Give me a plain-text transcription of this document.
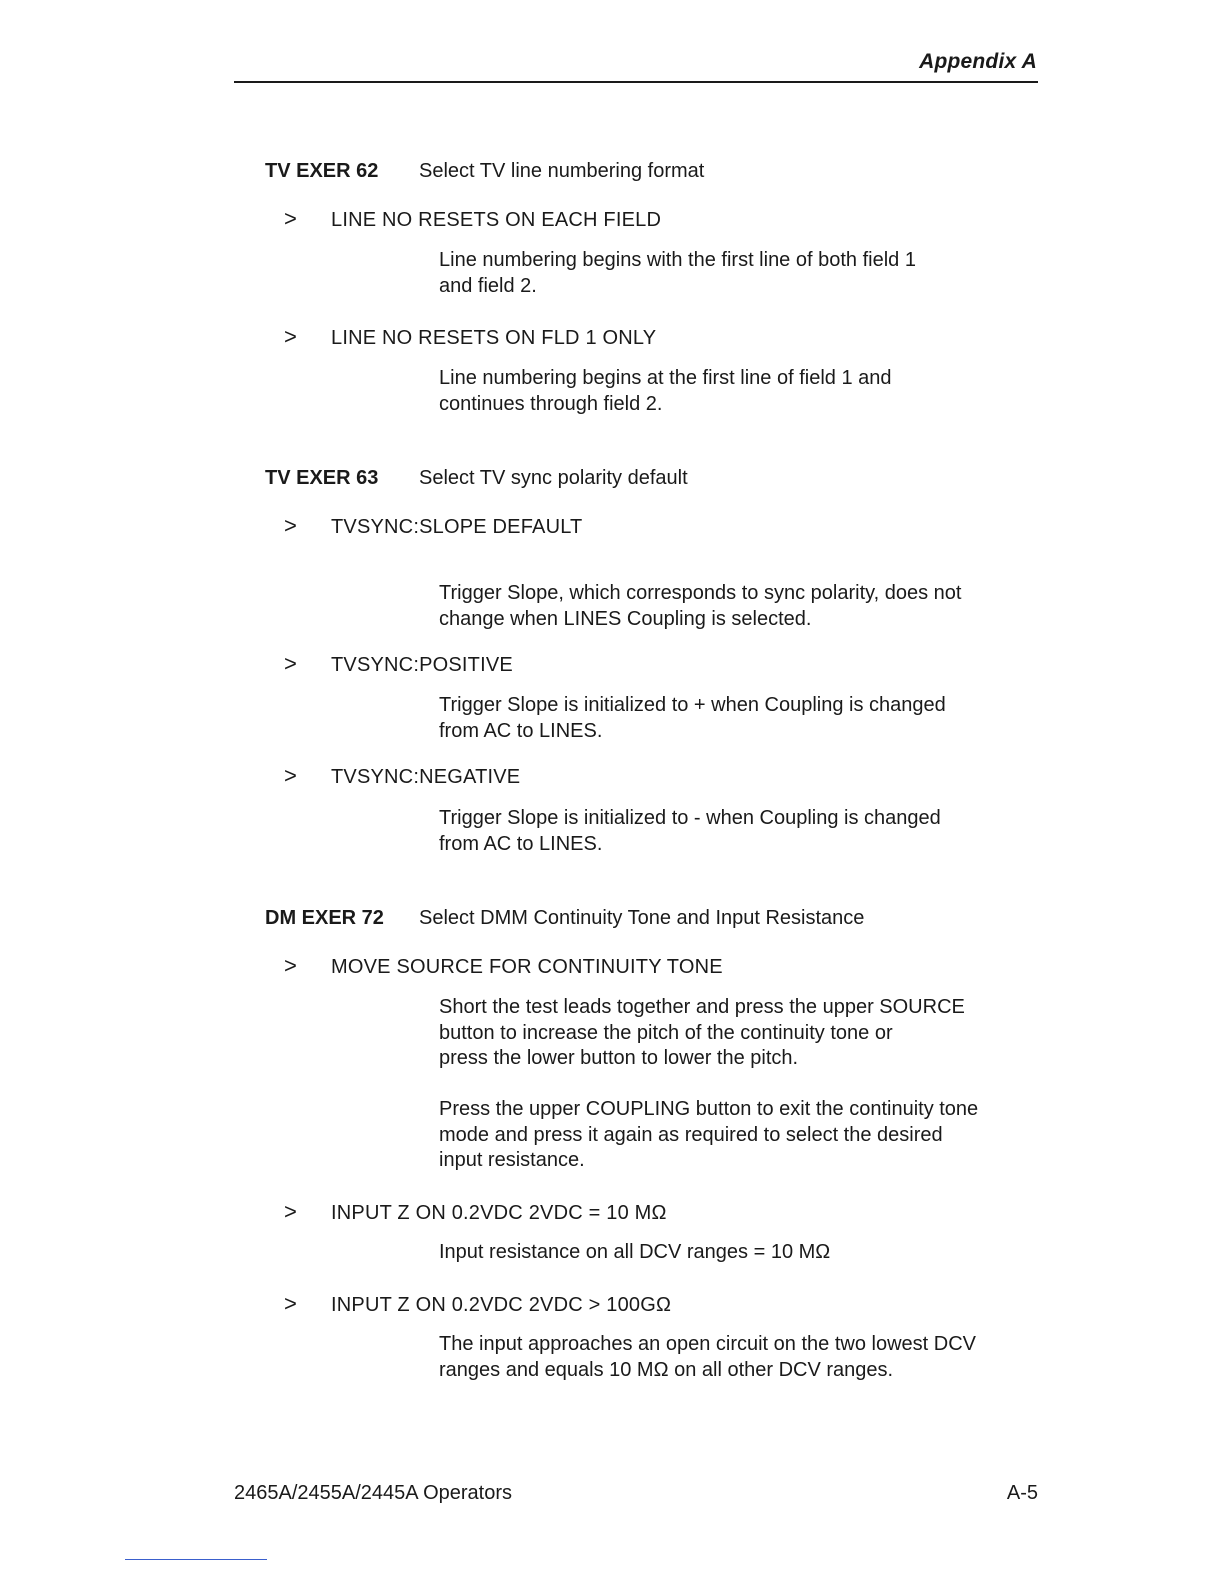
Appendix A
TV EXER 62	Select TV line numbering format
>	LINE NO RESETS ON EACH FIELD
Line numbering begins with the first line of both field 1
and field 2.
>	LINE NO RESETS ON FLD 1 ONLY
Line numbering begins at the first line of field 1 and
continues through field 2.
TV EXER 63	Select TV sync polarity default
>	TVSYNC:SLOPE DEFAULT
Trigger Slope, which corresponds to sync polarity, does not
change when LINES Coupling is selected.
>	TVSYNC:POSITIVE
Trigger Slope is initialized to + when Coupling is changed
from AC to LINES.
>	TVSYNC:NEGATIVE
Trigger Slope is initialized to - when Coupling is changed
from AC to LINES.
DM EXER 72	Select DMM Continuity Tone and Input Resistance
>	MOVE SOURCE FOR CONTINUITY TONE
Short the test leads together and press the upper SOURCE
button to increase the pitch of the continuity tone or
press the lower button to lower the pitch.
Press the upper COUPLING button to exit the continuity tone
mode and press it again as required to select the desired
input resistance.
>	INPUT Z ON 0.2VDC 2VDC = 10 MΩ
Input resistance on all DCV ranges = 10 MΩ
>	INPUT Z ON 0.2VDC 2VDC > 100GΩ
The input approaches an open circuit on the two lowest DCV
ranges and equals 10 MΩ on all other DCV ranges.
2465A/2455A/2445A Operators	A-5
